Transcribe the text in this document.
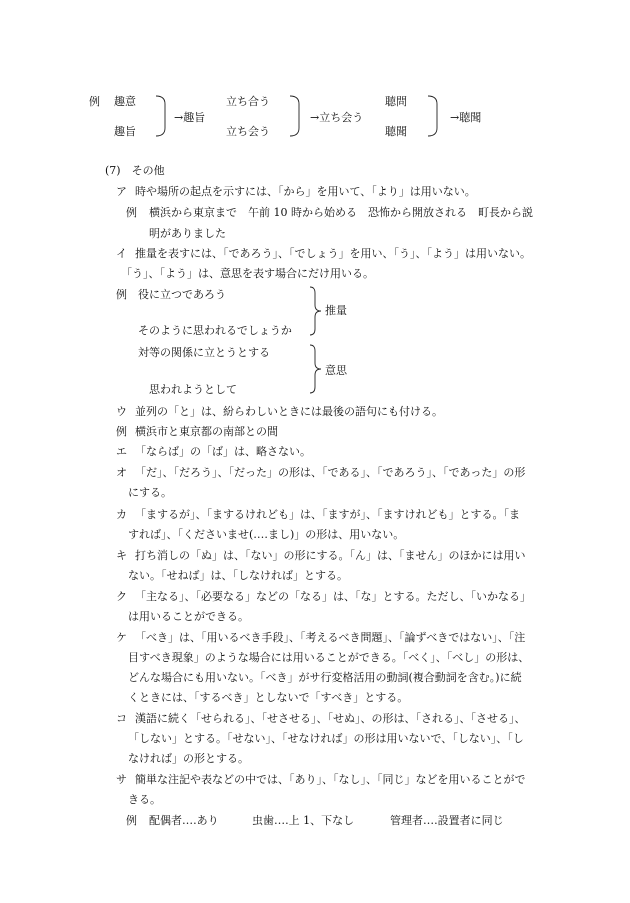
例 趣意
趣旨
→趣旨
立ち合う
立ち会う
→立ち会う
聴問
聴聞
→聴聞
(7)　その他
ア 時や場所の起点を示すには、「から」を用いて、「より」は用いない。
例 横浜から東京まで　午前 10 時から始める　恐怖から開放される　町長から説
明がありました
イ 推量を表すには、「であろう」、「でしょう」を用い、「う」、「よう」は用いない。
「う」、「よう」は、意思を表す場合にだけ用いる。
例 役に立つであろう
そのように思われるでしょうか
推量
対等の関係に立とうとする
思われようとして
意思
ウ 並列の「と」は、紛らわしいときには最後の語句にも付ける。
例 横浜市と東京都の南部との間
エ 「ならば」の「ば」は、略さない。
オ 「だ」、「だろう」、「だった」の形は、「である」、「であろう」、「であった」の形
にする。
カ 「まするが」、「まするけれども」は、「ますが」、「ますけれども」とする。「ま
すれば」、「くださいませ(‥‥まし)」の形は、用いない。
キ 打ち消しの「ぬ」は、「ない」の形にする。「ん」は、「ません」のほかには用い
ない。「せねば」は、「しなければ」とする。
ク 「主なる」、「必要なる」などの「なる」は、「な」とする。ただし、「いかなる」
は用いることができる。
ケ 「べき」は、「用いるべき手段」、「考えるべき問題」、「論ずべきではない」、「注
目すべき現象」のような場合には用いることができる。「べく」、「べし」の形は、
どんな場合にも用いない。「べき」がサ行変格活用の動詞(複合動詞を含む。)に続
くときには、「するべき」としないで「すべき」とする。
コ 漢語に続く「せられる」、「せさせる」、「せぬ」、の形は、「される」、「させる」、
「しない」とする。「せない」、「せなければ」の形は用いないで、「しない」、「し
なければ」の形とする。
サ 簡単な注記や表などの中では、「あり」、「なし」、「同じ」などを用いることがで
きる。
例 配偶者‥‥あり	虫歯‥‥上 1、下なし	管理者‥‥設置者に同じ
